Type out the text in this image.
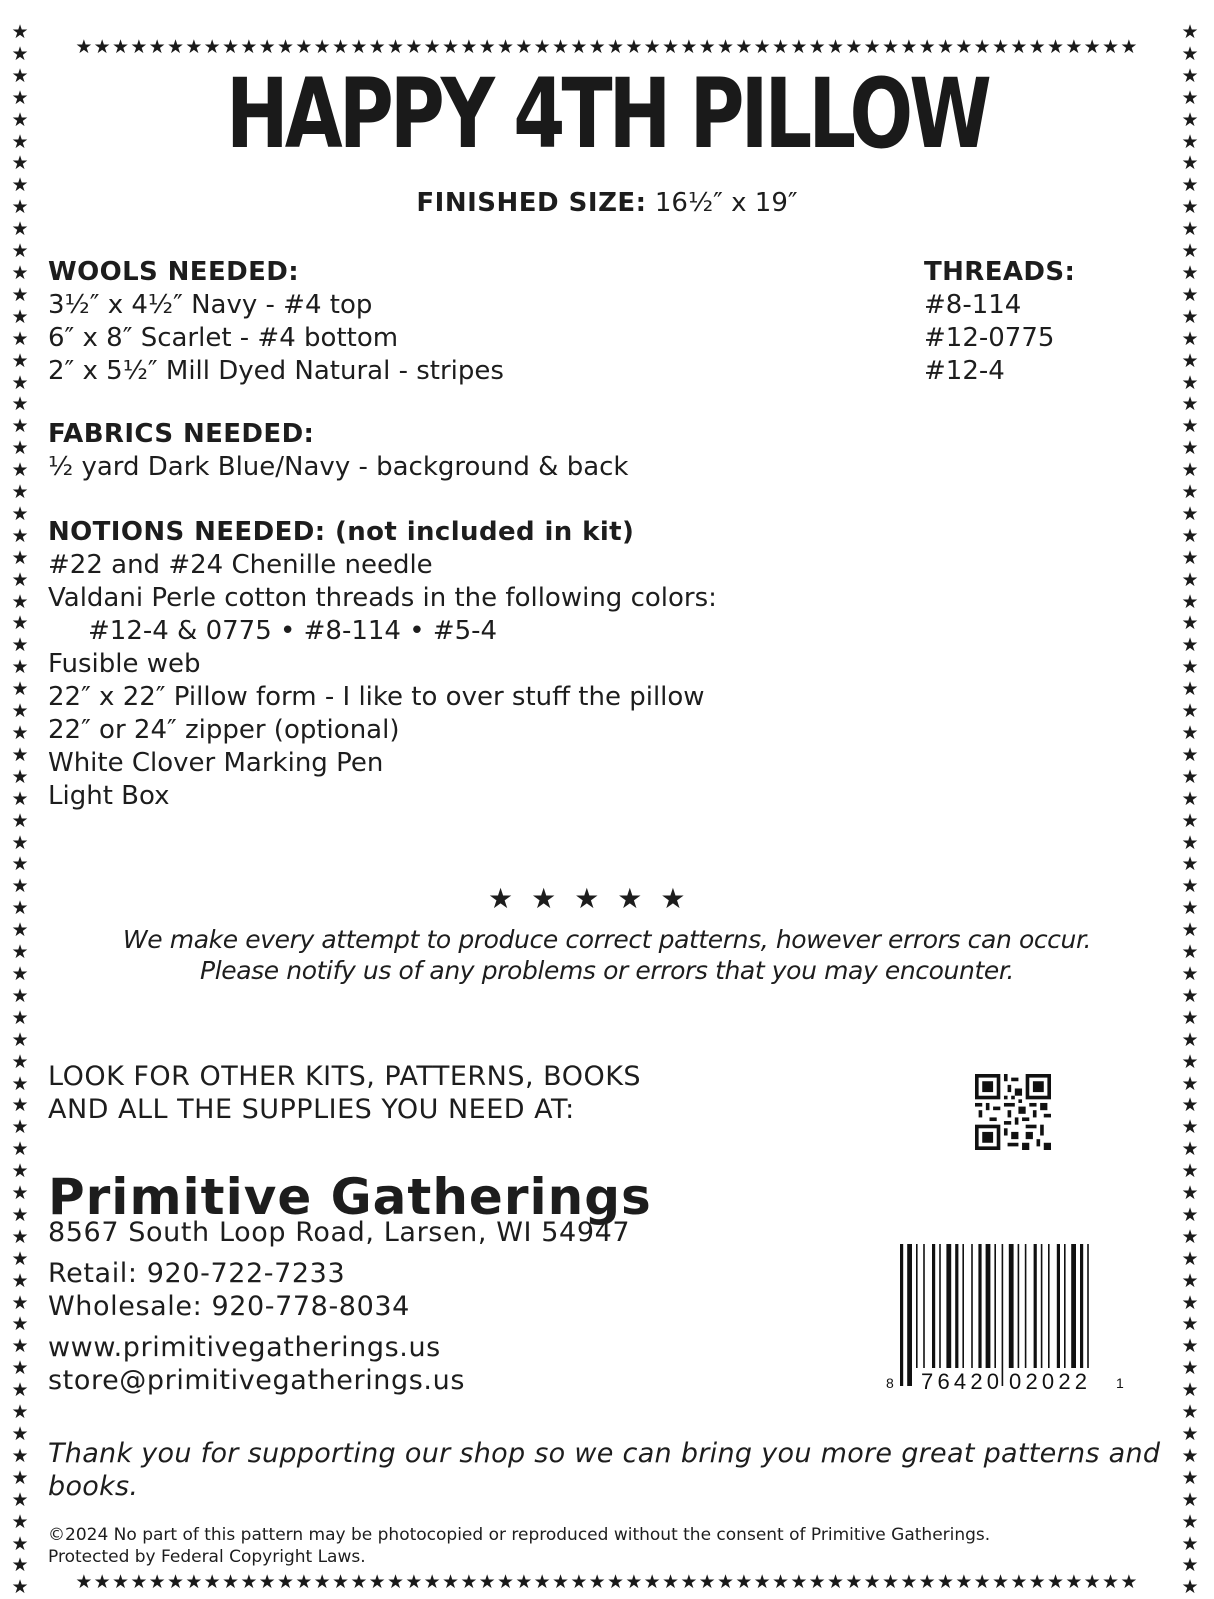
★★★★★★★★★★★★★★★★★★★★★★★★★★★★★★★★★★★★★★★★★★★★★★★★★★★★★★★★★★
★★★★★★★★★★★★★★★★★★★★★★★★★★★★★★★★★★★★★★★★★★★★★★★★★★★★★★★★★★
★★★★★★★★★★★★★★★★★★★★★★★★★★★★★★★★★★★★★★★★★★★★★★★★★★★★★★★★★★★★★★★★★★★★★★★★
★★★★★★★★★★★★★★★★★★★★★★★★★★★★★★★★★★★★★★★★★★★★★★★★★★★★★★★★★★★★★★★★★★★★★★★★
HAPPY 4TH PILLOW
FINISHED SIZE: 16½″ x 19″
WOOLS NEEDED:
3½″ x 4½″ Navy - #4 top
6″ x 8″ Scarlet - #4 bottom
2″ x 5½″ Mill Dyed Natural - stripes
THREADS:
#8-114
#12-0775
#12-4
FABRICS NEEDED:
½ yard Dark Blue/Navy - background & back
NOTIONS NEEDED: (not included in kit)
#22 and #24 Chenille needle
Valdani Perle cotton threads in the following colors:
#12-4 & 0775 • #8-114 • #5-4
Fusible web
22″ x 22″ Pillow form - I like to over stuff the pillow
22″ or 24″ zipper (optional)
White Clover Marking Pen
Light Box
★★★★★
We make every attempt to produce correct patterns, however errors can occur.
Please notify us of any problems or errors that you may encounter.
LOOK FOR OTHER KITS, PATTERNS, BOOKS
AND ALL THE SUPPLIES YOU NEED AT:
Primitive Gatherings
8567 South Loop Road, Larsen, WI 54947
Retail: 920-722-7233
Wholesale: 920-778-8034
www.primitivegatherings.us
store@primitivegatherings.us	8 76420 02022 1
Thank you for supporting our shop so we can bring you more great patterns and books.
©2024 No part of this pattern may be photocopied or reproduced without the consent of Primitive Gatherings.
Protected by Federal Copyright Laws.
